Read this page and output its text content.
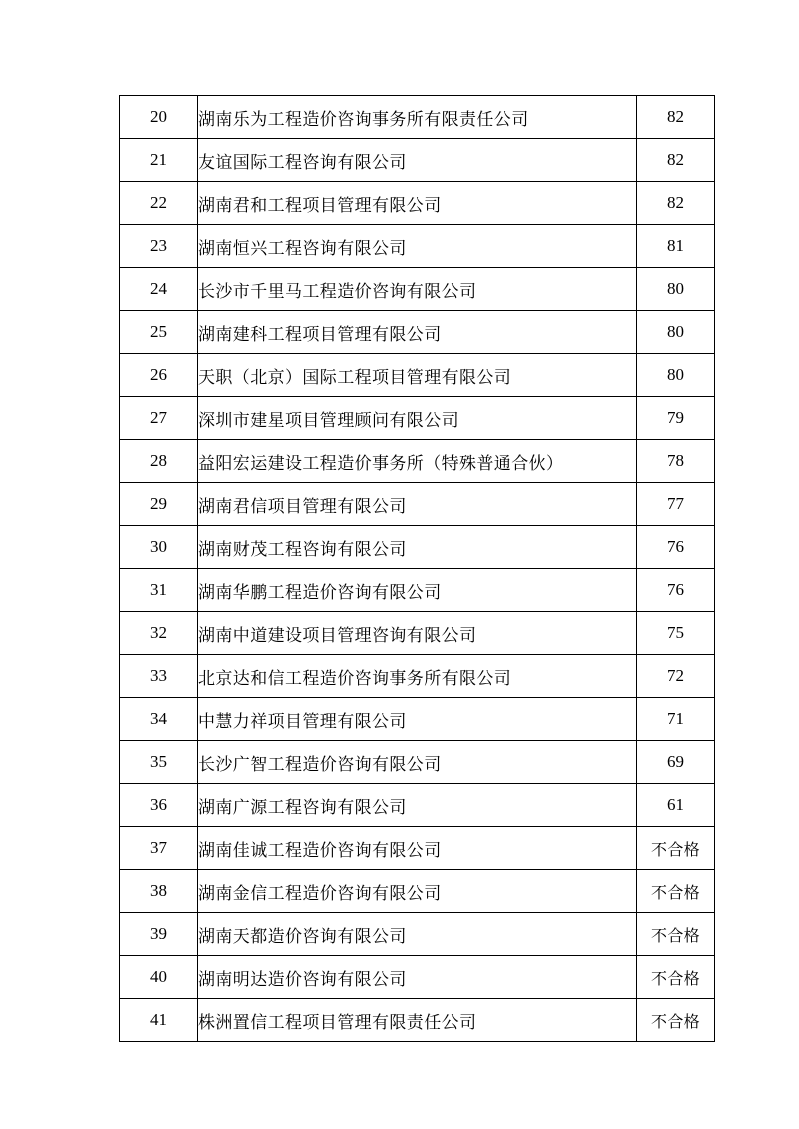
20	湖南乐为工程造价咨询事务所有限责任公司	82
21	友谊国际工程咨询有限公司	82
22	湖南君和工程项目管理有限公司	82
23	湖南恒兴工程咨询有限公司	81
24	长沙市千里马工程造价咨询有限公司	80
25	湖南建科工程项目管理有限公司	80
26	天职（北京）国际工程项目管理有限公司	80
27	深圳市建星项目管理顾问有限公司	79
28	益阳宏运建设工程造价事务所（特殊普通合伙）	78
29	湖南君信项目管理有限公司	77
30	湖南财茂工程咨询有限公司	76
31	湖南华鹏工程造价咨询有限公司	76
32	湖南中道建设项目管理咨询有限公司	75
33	北京达和信工程造价咨询事务所有限公司	72
34	中慧力祥项目管理有限公司	71
35	长沙广智工程造价咨询有限公司	69
36	湖南广源工程咨询有限公司	61
37	湖南佳诚工程造价咨询有限公司	不合格
38	湖南金信工程造价咨询有限公司	不合格
39	湖南天都造价咨询有限公司	不合格
40	湖南明达造价咨询有限公司	不合格
41	株洲置信工程项目管理有限责任公司	不合格
